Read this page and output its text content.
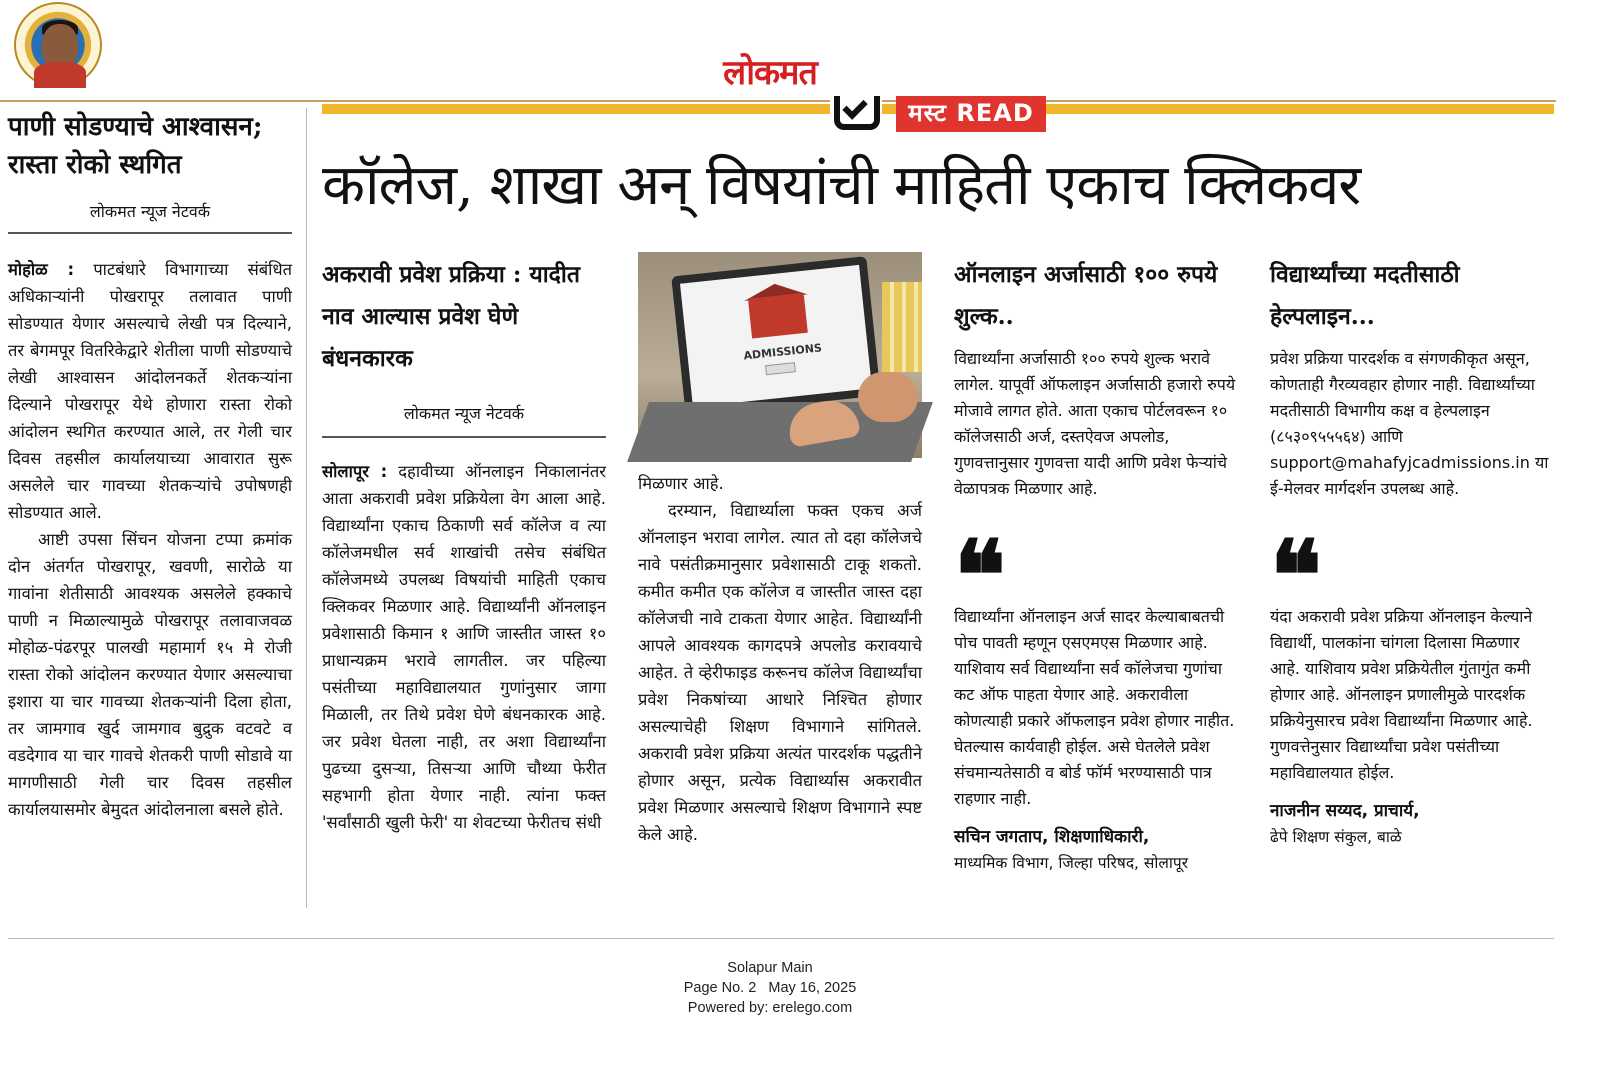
लोकमत
पाणी सोडण्याचे आश्वासन; रास्ता रोको स्थगित
लोकमत न्यूज नेटवर्क

मोहोळ : पाटबंधारे विभागाच्या संबंधित अधिकाऱ्यांनी पोखरापूर तलावात पाणी सोडण्यात येणार असल्याचे लेखी पत्र दिल्याने, तर बेगमपूर वितरिकेद्वारे शेतीला पाणी सोडण्याचे लेखी आश्वासन आंदोलनकर्ते शेतकऱ्यांना दिल्याने पोखरापूर येथे होणारा रास्ता रोको आंदोलन स्थगित करण्यात आले, तर गेली चार दिवस तहसील कार्यालयाच्या आवारात सुरू असलेले चार गावच्या शेतकऱ्यांचे उपोषणही सोडण्यात आले.

आष्टी उपसा सिंचन योजना टप्पा क्रमांक दोन अंतर्गत पोखरापूर, खवणी, सारोळे या गावांना शेतीसाठी आवश्यक असलेले हक्काचे पाणी न मिळाल्यामुळे पोखरापूर तलावाजवळ मोहोळ-पंढरपूर पालखी महामार्ग १५ मे रोजी रास्ता रोको आंदोलन करण्यात येणार असल्याचा इशारा या चार गावच्या शेतकऱ्यांनी दिला होता, तर जामगाव खुर्द जामगाव बुद्रुक वटवटे व वडदेगाव या चार गावचे शेतकरी पाणी सोडावे या मागणीसाठी गेली चार दिवस तहसील कार्यालयासमोर बेमुदत आंदोलनाला बसले होते.

मस्ट READ
कॉलेज, शाखा अन् विषयांची माहिती एकाच क्लिकवर
अकरावी प्रवेश प्रक्रिया : यादीत नाव आल्यास प्रवेश घेणे बंधनकारक
लोकमत न्यूज नेटवर्क

सोलापूर : दहावीच्या ऑनलाइन निकालानंतर आता अकरावी प्रवेश प्रक्रियेला वेग आला आहे. विद्यार्थ्यांना एकाच ठिकाणी सर्व कॉलेज व त्या कॉलेजमधील सर्व शाखांची तसेच संबंधित कॉलेजमध्ये उपलब्ध विषयांची माहिती एकाच क्लिकवर मिळणार आहे. विद्यार्थ्यांनी ऑनलाइन प्रवेशासाठी किमान १ आणि जास्तीत जास्त १० प्राधान्यक्रम भरावे लागतील. जर पहिल्या पसंतीच्या महाविद्यालयात गुणांनुसार जागा मिळाली, तर तिथे प्रवेश घेणे बंधनकारक आहे. जर प्रवेश घेतला नाही, तर अशा विद्यार्थ्यांना पुढच्या दुसऱ्या, तिसऱ्या आणि चौथ्या फेरीत सहभागी होता येणार नाही. त्यांना फक्त 'सर्वांसाठी खुली फेरी' या शेवटच्या फेरीतच संधी

ADMISSIONS

मिळणार आहे.

दरम्यान, विद्यार्थ्याला फक्त एकच अर्ज ऑनलाइन भरावा लागेल. त्यात तो दहा कॉलेजचे नावे पसंतीक्रमानुसार प्रवेशासाठी टाकू शकतो. कमीत कमीत एक कॉलेज व जास्तीत जास्त दहा कॉलेजची नावे टाकता येणार आहेत. विद्यार्थ्यांनी आपले आवश्यक कागदपत्रे अपलोड करावयाचे आहेत. ते व्हेरीफाइड करूनच कॉलेज विद्यार्थ्यांचा प्रवेश निकषांच्या आधारे निश्चित होणार असल्याचेही शिक्षण विभागाने सांगितले. अकरावी प्रवेश प्रक्रिया अत्यंत पारदर्शक पद्धतीने होणार असून, प्रत्येक विद्यार्थ्यास अकरावीत प्रवेश मिळणार असल्याचे शिक्षण विभागाने स्पष्ट केले आहे.

ऑनलाइन अर्जासाठी १०० रुपये शुल्क..
विद्यार्थ्यांना अर्जासाठी १०० रुपये शुल्क भरावे लागेल. यापूर्वी ऑफलाइन अर्जासाठी हजारो रुपये मोजावे लागत होते. आता एकाच पोर्टलवरून १० कॉलेजसाठी अर्ज, दस्तऐवज अपलोड, गुणवत्तानुसार गुणवत्ता यादी आणि प्रवेश फेऱ्यांचे वेळापत्रक मिळणार आहे.
❝
विद्यार्थ्यांना ऑनलाइन अर्ज सादर केल्याबाबतची पोच पावती म्हणून एसएमएस मिळणार आहे. याशिवाय सर्व विद्यार्थ्यांना सर्व कॉलेजचा गुणांचा कट ऑफ पाहता येणार आहे. अकरावीला कोणत्याही प्रकारे ऑफलाइन प्रवेश होणार नाहीत. घेतल्यास कार्यवाही होईल. असे घेतलेले प्रवेश संचमान्यतेसाठी व बोर्ड फॉर्म भरण्यासाठी पात्र राहणार नाही.
सचिन जगताप, शिक्षणाधिकारी,
माध्यमिक विभाग, जिल्हा परिषद, सोलापूर
विद्यार्थ्यांच्या मदतीसाठी हेल्पलाइन...
प्रवेश प्रक्रिया पारदर्शक व संगणकीकृत असून, कोणताही गैरव्यवहार होणार नाही. विद्यार्थ्यांच्या मदतीसाठी विभागीय कक्ष व हेल्पलाइन (८५३०९५५५६४) आणि support@mahafyjcadmissions.in या ई-मेलवर मार्गदर्शन उपलब्ध आहे.
❝
यंदा अकरावी प्रवेश प्रक्रिया ऑनलाइन केल्याने विद्यार्थी, पालकांना चांगला दिलासा मिळणार आहे. याशिवाय प्रवेश प्रक्रियेतील गुंतागुंत कमी होणार आहे. ऑनलाइन प्रणालीमुळे पारदर्शक प्रक्रियेनुसारच प्रवेश विद्यार्थ्यांना मिळणार आहे. गुणवत्तेनुसार विद्यार्थ्यांचा प्रवेश पसंतीच्या महाविद्यालयात होईल.
नाजनीन सय्यद, प्राचार्य,
ढेपे शिक्षण संकुल, बाळे
Solapur Main
Page No. 2 May 16, 2025
Powered by: erelego.com
